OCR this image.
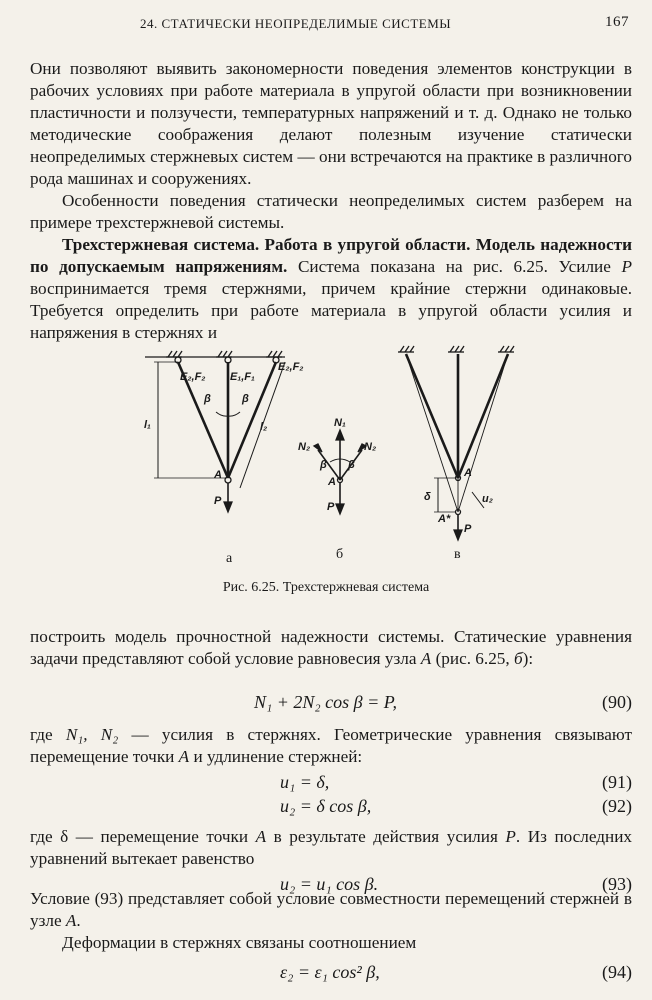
24. СТАТИЧЕСКИ НЕОПРЕДЕЛИМЫЕ СИСТЕМЫ	167

Они позволяют выявить закономерности поведения элементов конструкции в рабочих условиях при работе материала в упругой области при возникновении пластичности и ползучести, температурных напряжений и т. д. Однако не только методические соображения делают полезным изучение статически неопределимых стержневых систем — они встречаются на практике в различного рода машинах и сооружениях.

Особенности поведения статически неопределимых систем разберем на примере трехстержневой системы.

Трехстержневая система. Работа в упругой области. Модель надежности по допускаемым напряжениям. Система показана на рис. 6.25. Усилие P воспринимается тремя стержнями, причем крайние стержни одинаковые. Требуется определить при работе материала в упругой области усилия и напряжения в стержнях и

E₂,F₂ E₁,F₁
E₂,F₂
β	β
l₁	l₂
A
P
N₁
N₂	N₂
β β
A
P
A
δ	u₂
A*
P
а	б	в
Рис. 6.25. Трехстержневая система

построить модель прочностной надежности системы. Статические уравнения задачи представляют собой условие равновесия узла A (рис. 6.25, б):

N₁ + 2N₂ cos β = P,	(90)

где N₁, N₂ — усилия в стержнях. Геометрические уравнения связывают перемещение точки A и удлинение стержней:

u₁ = δ,	(91)
u₂ = δ cos β,	(92)

где δ — перемещение точки A в результате действия усилия P. Из последних уравнений вытекает равенство

u₂ = u₁ cos β.	(93)

Условие (93) представляет собой условие совместности перемещений стержней в узле A.

Деформации в стержнях связаны соотношением

ε₂ = ε₁ cos² β,	(94)
